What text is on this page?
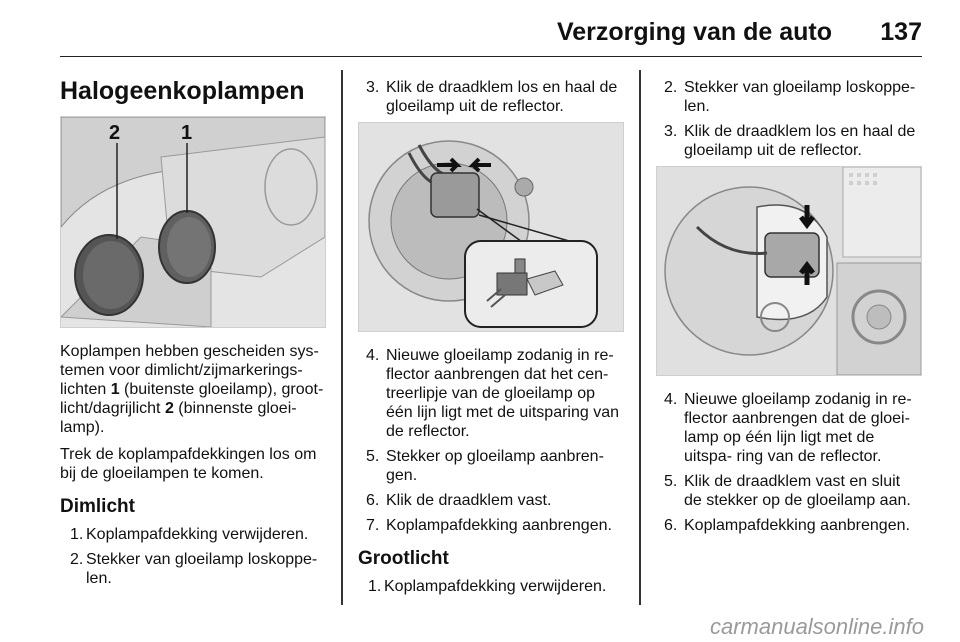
Verzorging van de auto 137
Halogeenkoplampen
2	1

Koplampen hebben gescheiden sys- temen voor dimlicht/zijmarkerings- lichten 1 (buitenste gloeilamp), groot- licht/dagrijlicht 2 (binnenste gloei- lamp).

Trek de koplampafdekkingen los om bij de gloeilampen te komen.

Dimlicht
1. Koplampafdekking verwijderen.
2. Stekker van gloeilamp loskoppe- len.
3. Klik de draadklem los en haal de gloeilamp uit de reflector.
4. Nieuwe gloeilamp zodanig in re- flector aanbrengen dat het cen- treerlipje van de gloeilamp op één lijn ligt met de uitsparing van de reflector.
5. Stekker op gloeilamp aanbren- gen.
6. Klik de draadklem vast.
7. Koplampafdekking aanbrengen.
Grootlicht
1. Koplampafdekking verwijderen.
2. Stekker van gloeilamp loskoppe- len.
3. Klik de draadklem los en haal de gloeilamp uit de reflector.
4. Nieuwe gloeilamp zodanig in re- flector aanbrengen dat de gloei- lamp op één lijn ligt met de uitspa- ring van de reflector.
5. Klik de draadklem vast en sluit de stekker op de gloeilamp aan.
6. Koplampafdekking aanbrengen.
carmanualsonline.info
